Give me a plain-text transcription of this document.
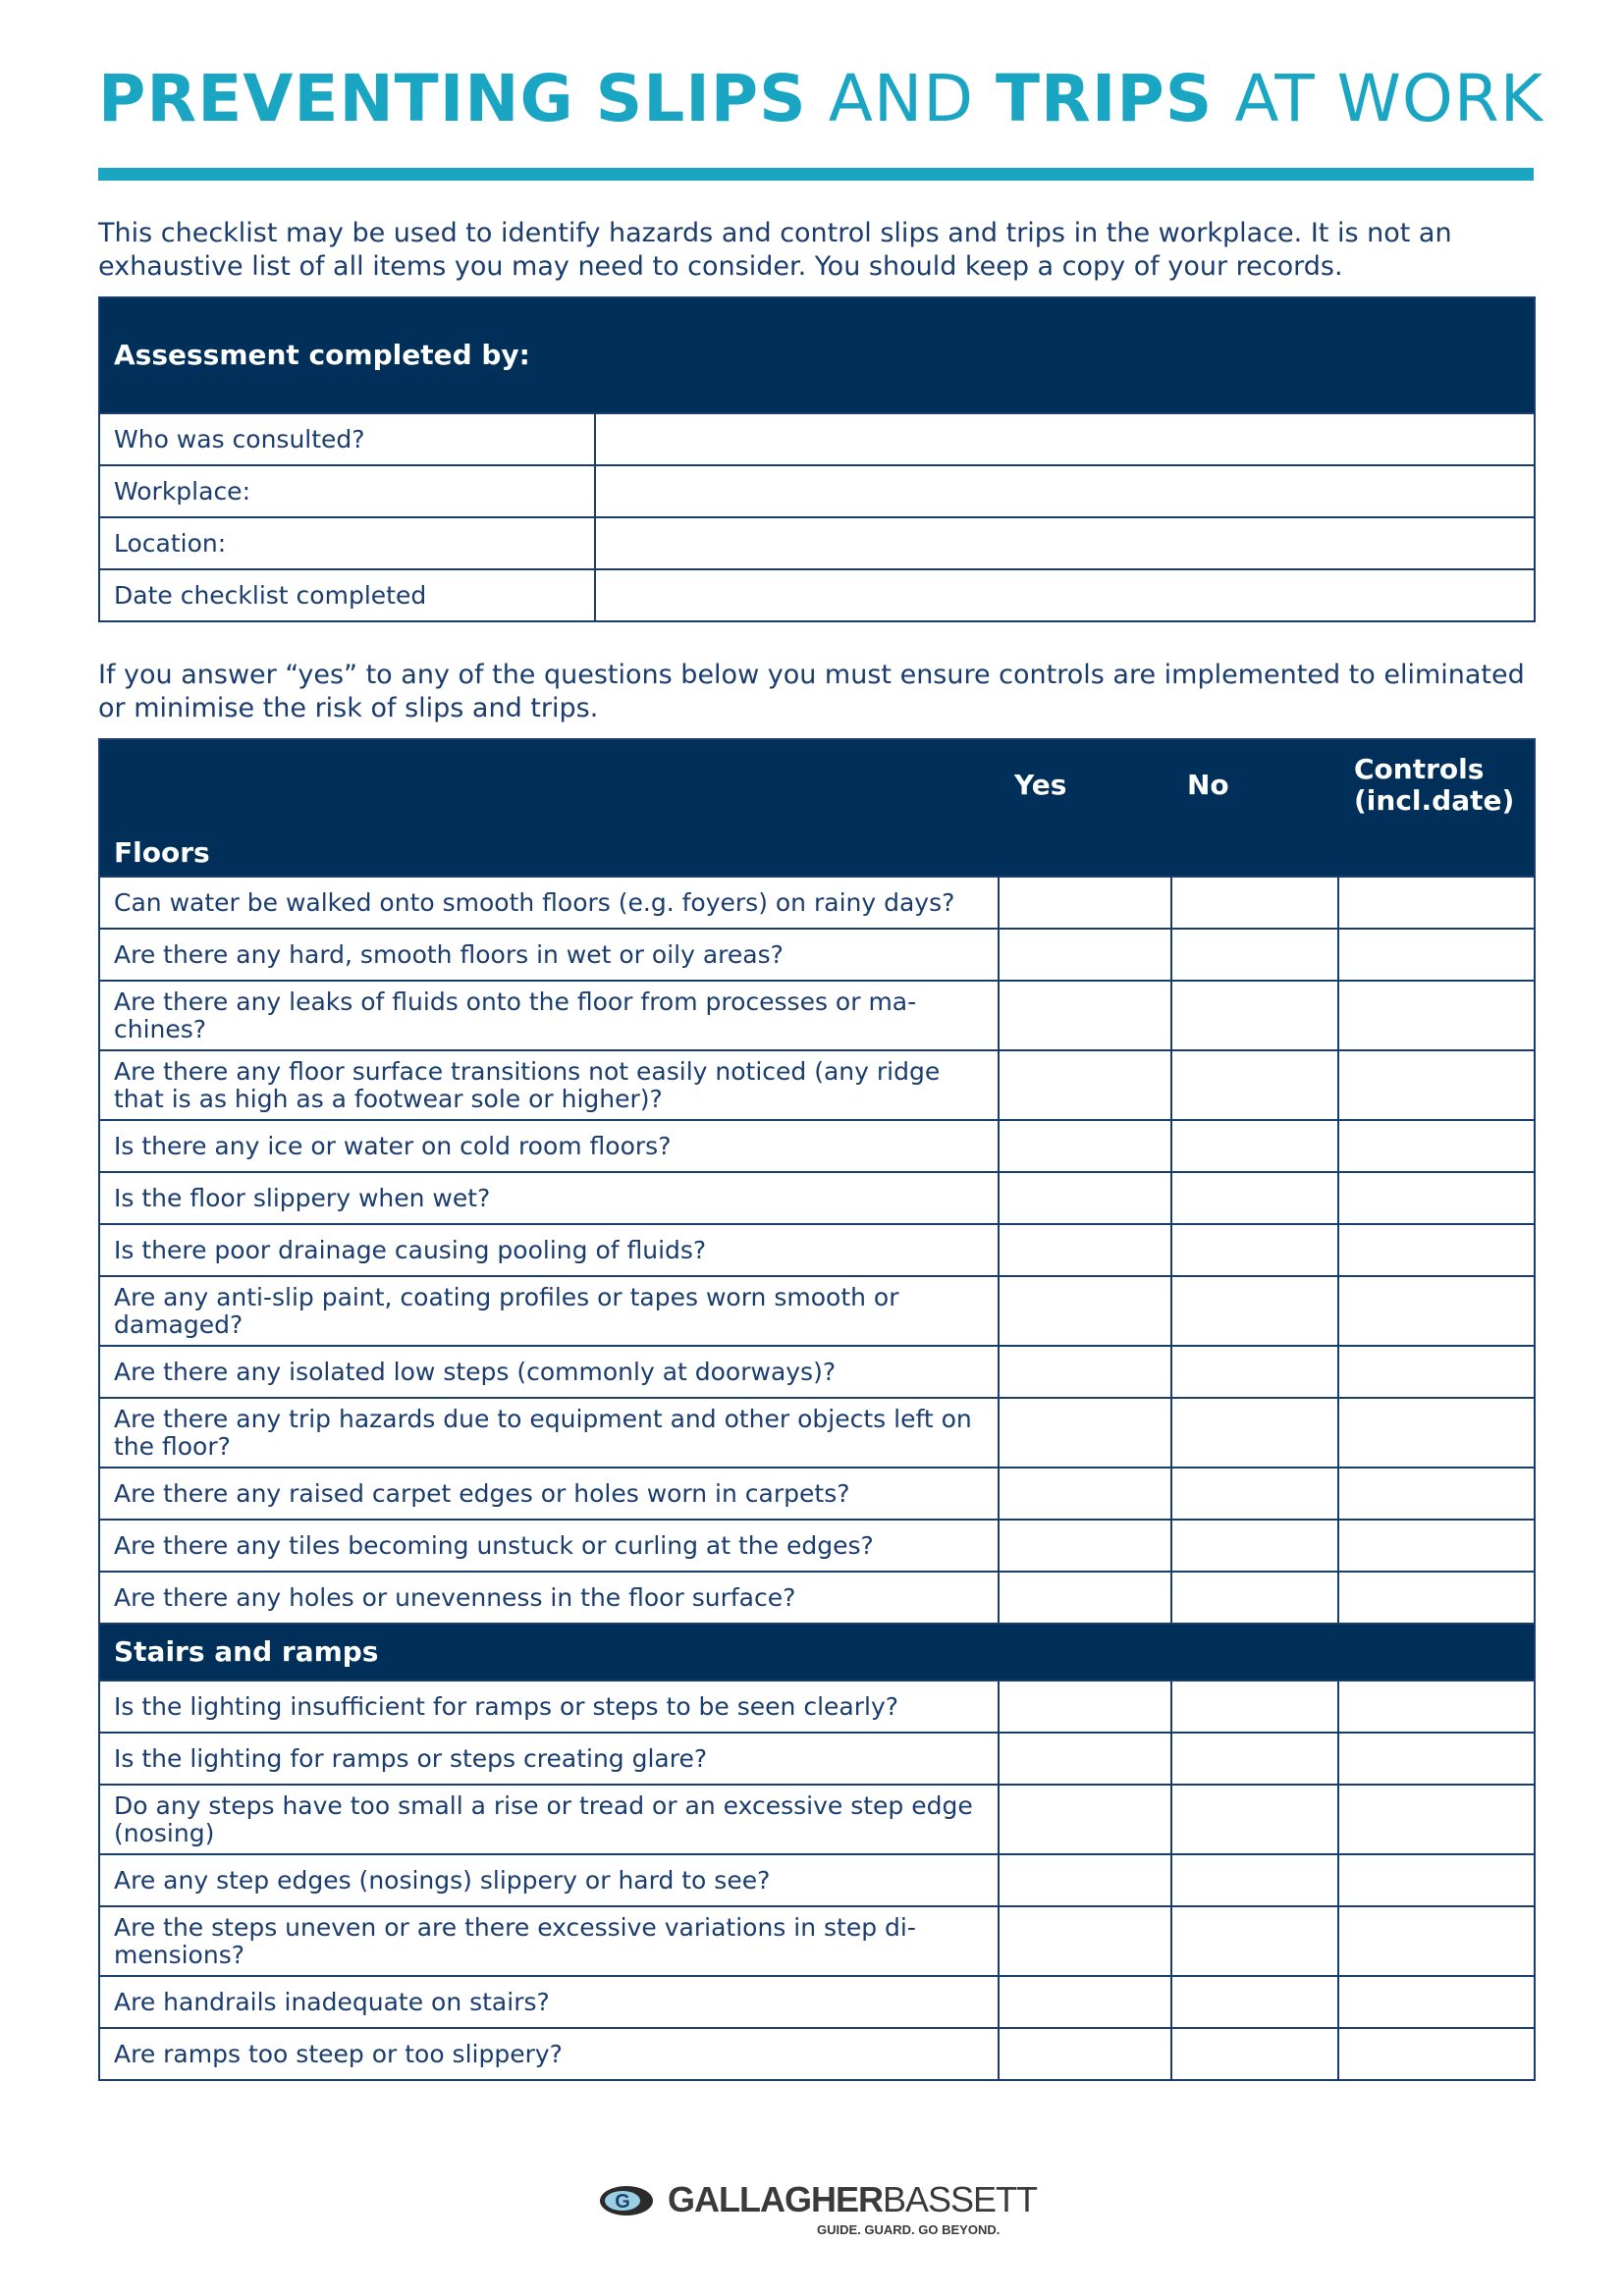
PREVENTING SLIPS AND TRIPS AT WORK
This checklist may be used to identify hazards and control slips and trips in the workplace. It is not an exhaustive list of all items you may need to consider. You should keep a copy of your records.
Assessment completed by:	
Who was consulted?	
Workplace:	
Location:	
Date checklist completed	
If you answer “yes” to any of the questions below you must ensure controls are implemented to eliminated or minimise the risk of slips and trips.
	Yes	No	Controls (incl.date)
Floors			
Can water be walked onto smooth floors (e.g. foyers) on rainy days?			
Are there any hard, smooth floors in wet or oily areas?			
Are there any leaks of fluids onto the floor from processes or ma-chines?			
Are there any floor surface transitions not easily noticed (any ridge that is as high as a footwear sole or higher)?			
Is there any ice or water on cold room floors?			
Is the floor slippery when wet?			
Is there poor drainage causing pooling of fluids?			
Are any anti-slip paint, coating profiles or tapes worn smooth or damaged?			
Are there any isolated low steps (commonly at doorways)?			
Are there any trip hazards due to equipment and other objects left on the floor?			
Are there any raised carpet edges or holes worn in carpets?			
Are there any tiles becoming unstuck or curling at the edges?			
Are there any holes or unevenness in the floor surface?			
Stairs and ramps			
Is the lighting insufficient for ramps or steps to be seen clearly?			
Is the lighting for ramps or steps creating glare?			
Do any steps have too small a rise or tread or an excessive step edge (nosing)			
Are any step edges (nosings) slippery or hard to see?			
Are the steps uneven or are there excessive variations in step di-mensions?			
Are handrails inadequate on stairs?			
Are ramps too steep or too slippery?			
G GALLAGHERBASSETT
GUIDE. GUARD. GO BEYOND.
